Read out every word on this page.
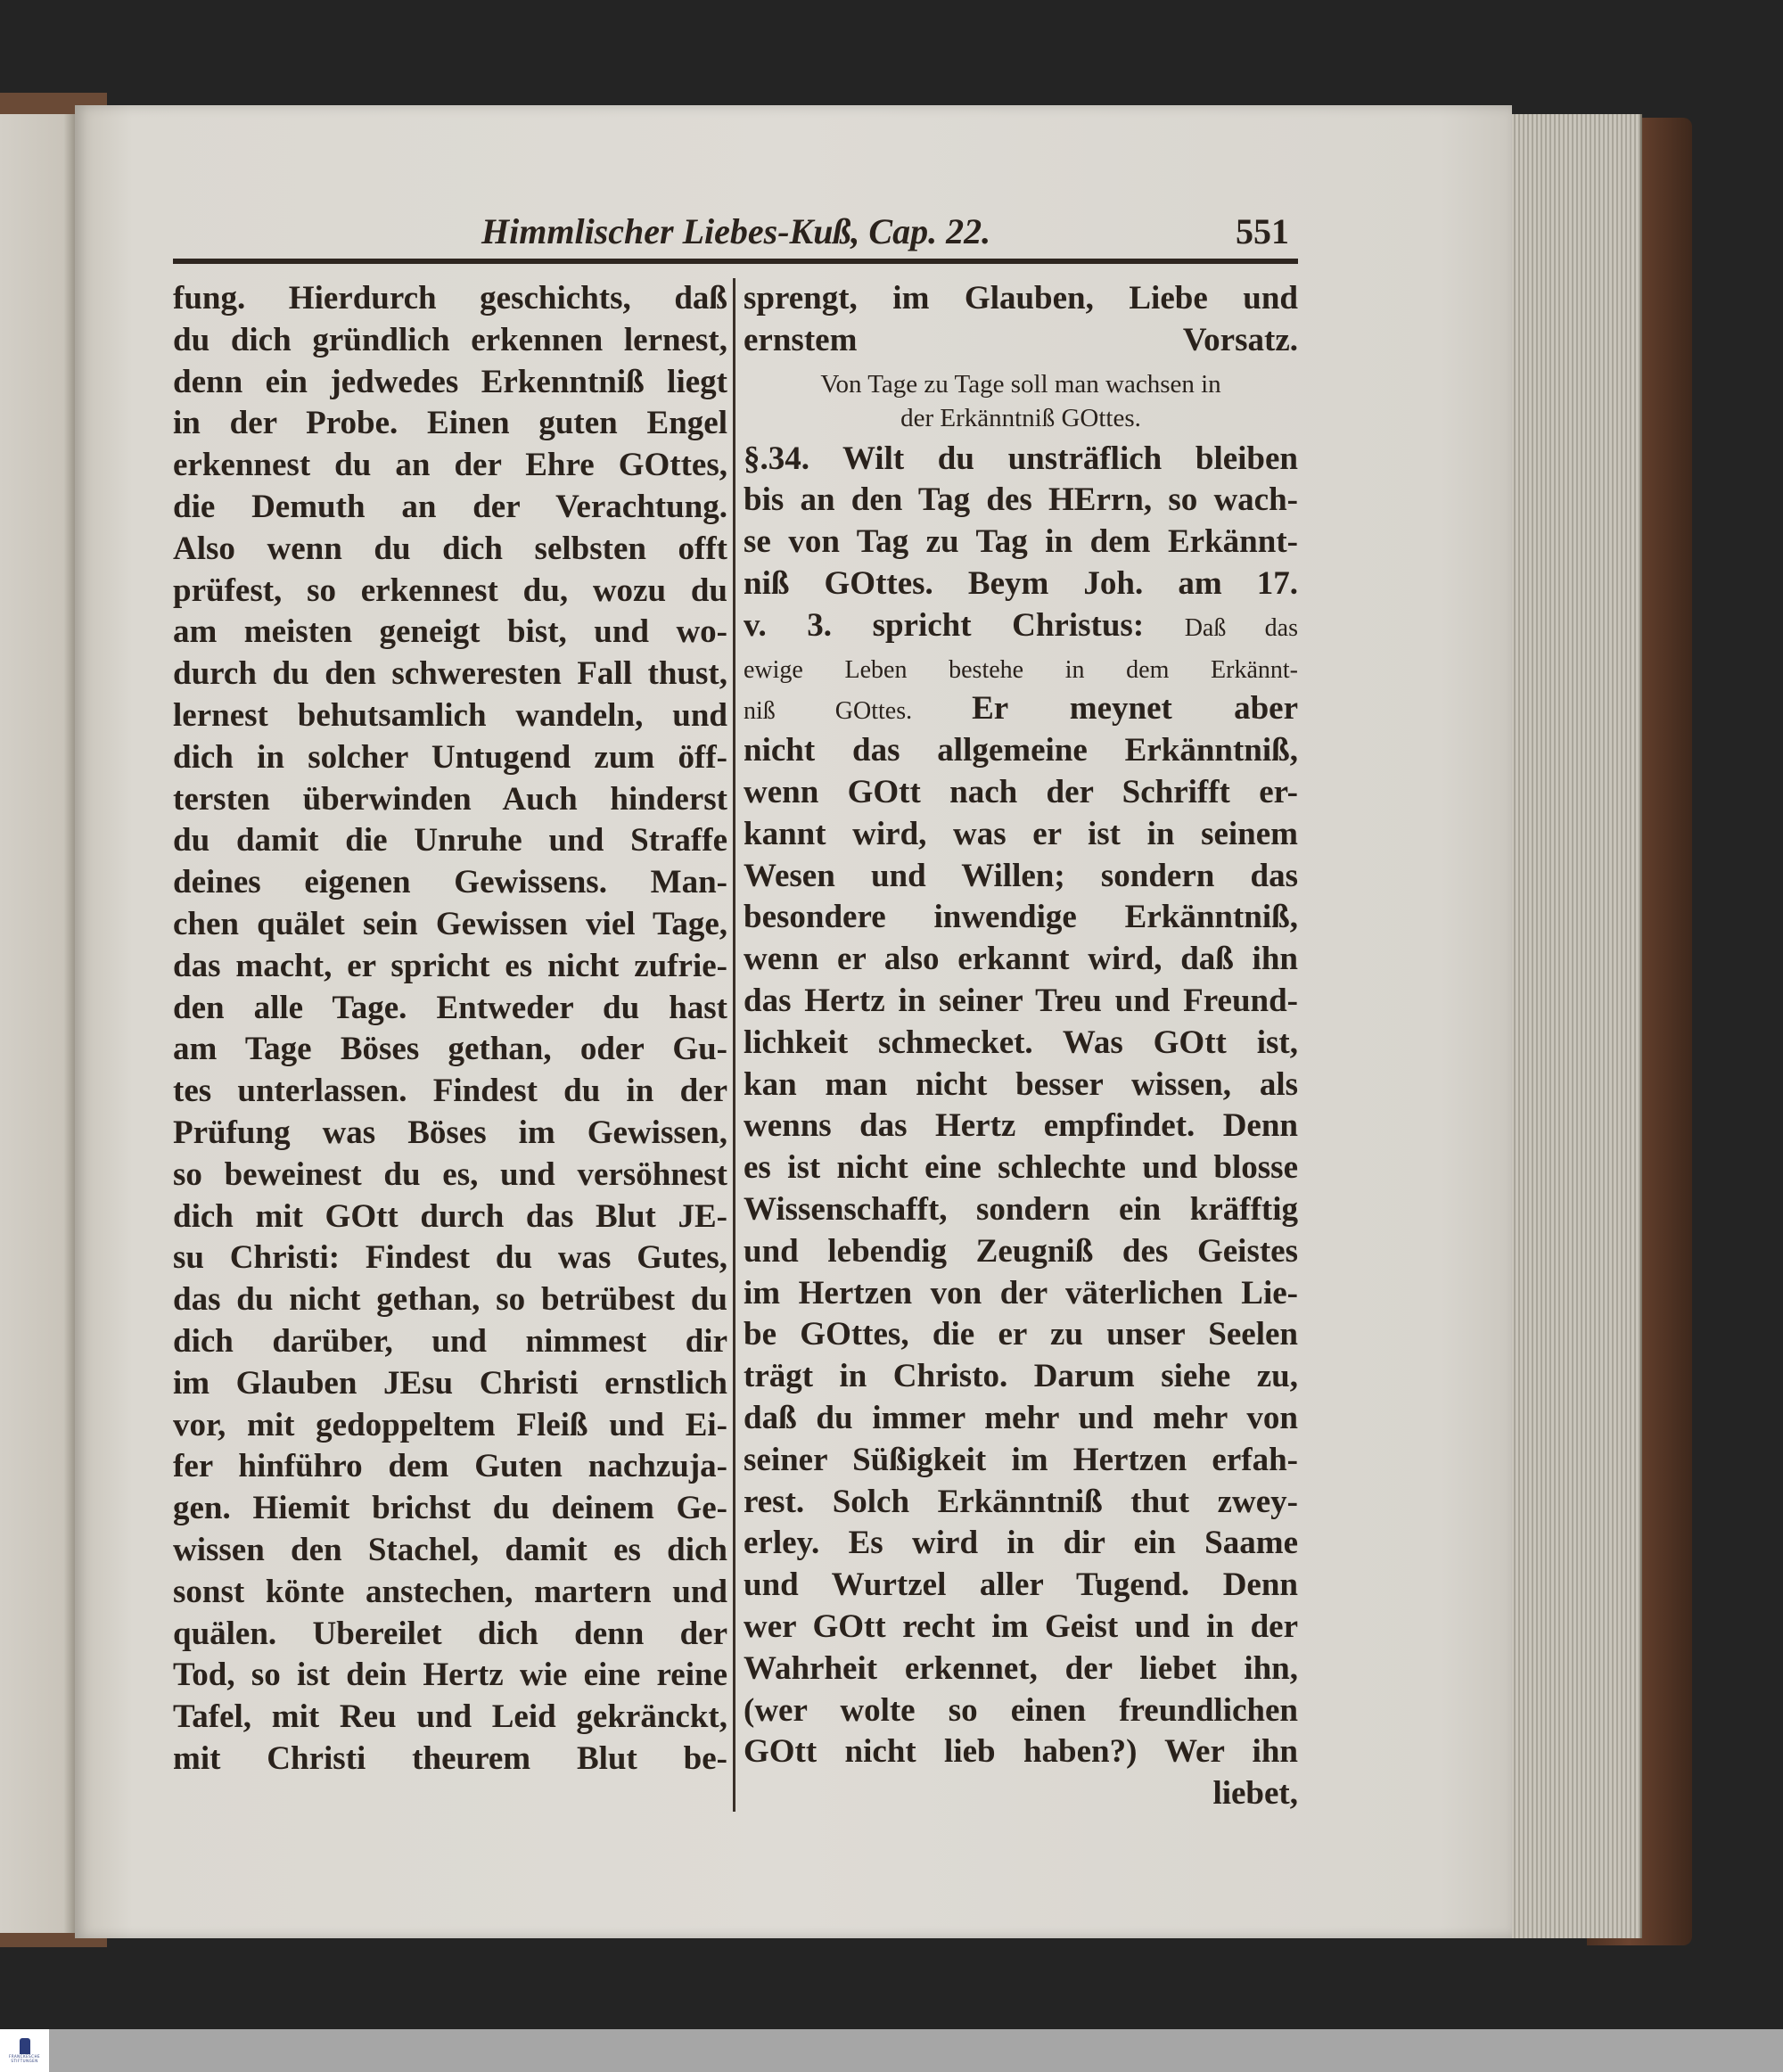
Himmlischer Liebes-Kuß, Cap. 22.	551
fung. Hierdurch geschichts, daß
du dich gründlich erkennen lernest,
denn ein jedwedes Erkenntniß liegt
in der Probe. Einen guten Engel
erkennest du an der Ehre GOttes,
die Demuth an der Verachtung.
Also wenn du dich selbsten offt
prüfest, so erkennest du, wozu du
am meisten geneigt bist, und wo-
durch du den schweresten Fall thust,
lernest behutsamlich wandeln, und
dich in solcher Untugend zum öff-
tersten überwinden Auch hinderst
du damit die Unruhe und Straffe
deines eigenen Gewissens. Man-
chen quälet sein Gewissen viel Tage,
das macht, er spricht es nicht zufrie-
den alle Tage. Entweder du hast
am Tage Böses gethan, oder Gu-
tes unterlassen. Findest du in der
Prüfung was Böses im Gewissen,
so beweinest du es, und versöhnest
dich mit GOtt durch das Blut JE-
su Christi: Findest du was Gutes,
das du nicht gethan, so betrübest du
dich darüber, und nimmest dir
im Glauben JEsu Christi ernstlich
vor, mit gedoppeltem Fleiß und Ei-
fer hinführo dem Guten nachzuja-
gen. Hiemit brichst du deinem Ge-
wissen den Stachel, damit es dich
sonst könte anstechen, martern und
quälen. Ubereilet dich denn der
Tod, so ist dein Hertz wie eine reine
Tafel, mit Reu und Leid gekränckt,
mit Christi theurem Blut be-
sprengt, im Glauben, Liebe und
ernstem Vorsatz.
Von Tage zu Tage soll man wachsen in
der Erkänntniß GOttes.
§.34. Wilt du unsträflich bleiben
bis an den Tag des HErrn, so wach-
se von Tag zu Tag in dem Erkännt-
niß GOttes. Beym Joh. am 17.
v. 3. spricht Christus: Daß das
ewige Leben bestehe in dem Erkännt-
niß GOttes. Er meynet aber
nicht das allgemeine Erkänntniß,
wenn GOtt nach der Schrifft er-
kannt wird, was er ist in seinem
Wesen und Willen; sondern das
besondere inwendige Erkänntniß,
wenn er also erkannt wird, daß ihn
das Hertz in seiner Treu und Freund-
lichkeit schmecket. Was GOtt ist,
kan man nicht besser wissen, als
wenns das Hertz empfindet. Denn
es ist nicht eine schlechte und blosse
Wissenschafft, sondern ein kräfftig
und lebendig Zeugniß des Geistes
im Hertzen von der väterlichen Lie-
be GOttes, die er zu unser Seelen
trägt in Christo. Darum siehe zu,
daß du immer mehr und mehr von
seiner Süßigkeit im Hertzen erfah-
rest. Solch Erkänntniß thut zwey-
erley. Es wird in dir ein Saame
und Wurtzel aller Tugend. Denn
wer GOtt recht im Geist und in der
Wahrheit erkennet, der liebet ihn,
(wer wolte so einen freundlichen
GOtt nicht lieb haben?) Wer ihn
liebet,
FRANCKESCHE STIFTUNGEN
